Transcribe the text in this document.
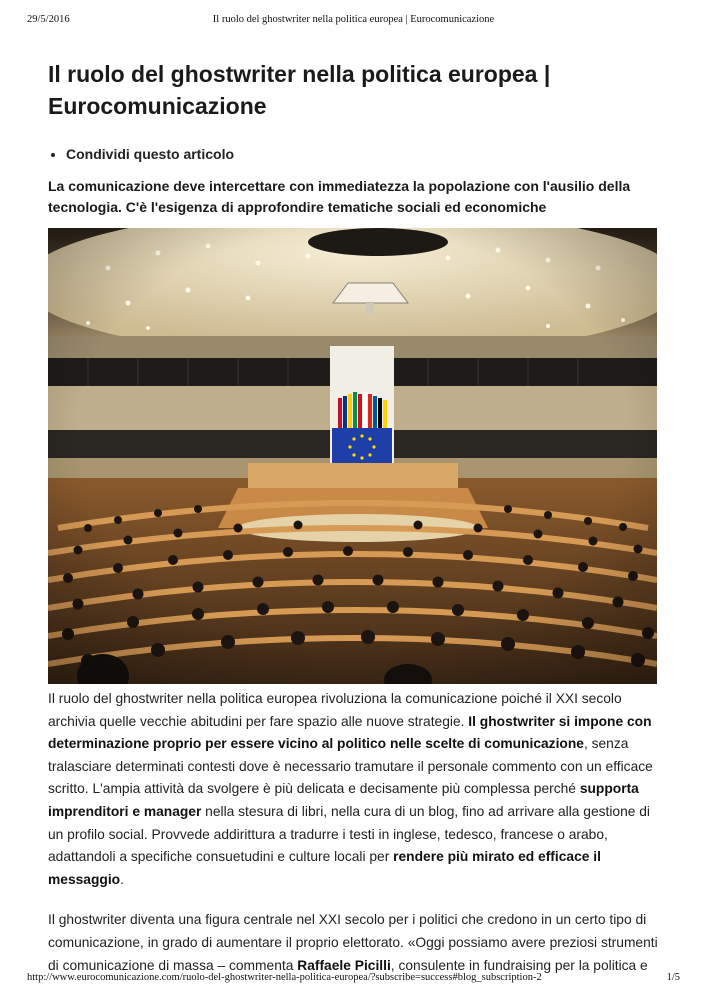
29/5/2016	Il ruolo del ghostwriter nella politica europea | Eurocomunicazione
Il ruolo del ghostwriter nella politica europea | Eurocomunicazione
• Condividi questo articolo

La comunicazione deve intercettare con immediatezza la popolazione con l'ausilio della tecnologia. C'è l'esigenza di approfondire tematiche sociali ed economiche

Il ruolo del ghostwriter nella politica europea rivoluziona la comunicazione poiché il XXI secolo archivia quelle vecchie abitudini per fare spazio alle nuove strategie. Il ghostwriter si impone con determinazione proprio per essere vicino al politico nelle scelte di comunicazione, senza tralasciare determinati contesti dove è necessario tramutare il personale commento con un efficace scritto. L'ampia attività da svolgere è più delicata e decisamente più complessa perché supporta imprenditori e manager nella stesura di libri, nella cura di un blog, fino ad arrivare alla gestione di un profilo social. Provvede addirittura a tradurre i testi in inglese, tedesco, francese o arabo, adattandoli a specifiche consuetudini e culture locali per rendere più mirato ed efficace il messaggio.

Il ghostwriter diventa una figura centrale nel XXI secolo per i politici che credono in un certo tipo di comunicazione, in grado di aumentare il proprio elettorato. «Oggi possiamo avere preziosi strumenti di comunicazione di massa – commenta Raffaele Picilli, consulente in fundraising per la politica e

http://www.eurocomunicazione.com/ruolo-del-ghostwriter-nella-politica-europea/?subscribe=success#blog_subscription-2	1/5
